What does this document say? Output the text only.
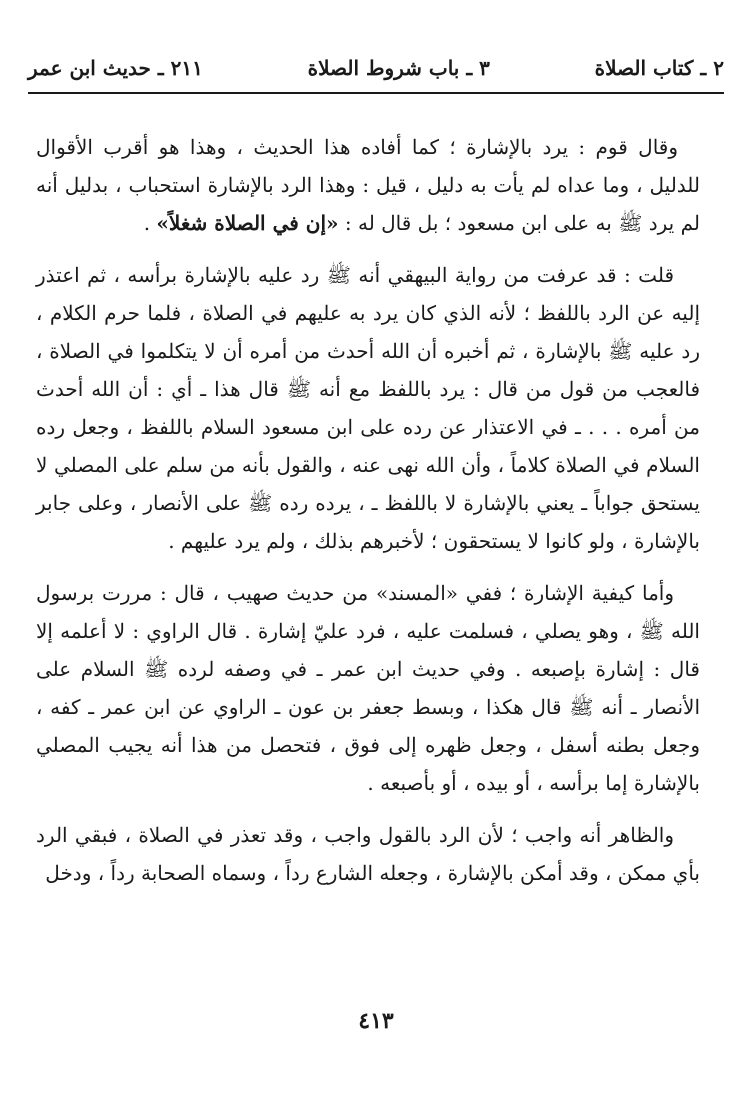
٢ ـ كتاب الصلاة
٣ ـ باب شروط الصلاة
٢١١ ـ حديث ابن عمر

وقال قوم : يرد بالإشارة ؛ كما أفاده هذا الحديث ، وهذا هو أقرب الأقوال للدليل ، وما عداه لم يأت به دليل ، قيل : وهذا الرد بالإشارة استحباب ، بدليل أنه لم يرد ﷺ به على ابن مسعود ؛ بل قال له : «إن في الصلاة شغلاً» .

قلت : قد عرفت من رواية البيهقي أنه ﷺ رد عليه بالإشارة برأسه ، ثم اعتذر إليه عن الرد باللفظ ؛ لأنه الذي كان يرد به عليهم في الصلاة ، فلما حرم الكلام ، رد عليه ﷺ بالإشارة ، ثم أخبره أن الله أحدث من أمره أن لا يتكلموا في الصلاة ، فالعجب من قول من قال : يرد باللفظ مع أنه ﷺ قال هذا ـ أي : أن الله أحدث من أمره . . . ـ في الاعتذار عن رده على ابن مسعود السلام باللفظ ، وجعل رده السلام في الصلاة كلاماً ، وأن الله نهى عنه ، والقول بأنه من سلم على المصلي لا يستحق جواباً ـ يعني بالإشارة لا باللفظ ـ ، يرده رده ﷺ على الأنصار ، وعلى جابر بالإشارة ، ولو كانوا لا يستحقون ؛ لأخبرهم بذلك ، ولم يرد عليهم .

وأما كيفية الإشارة ؛ ففي «المسند» من حديث صهيب ، قال : مررت برسول الله ﷺ ، وهو يصلي ، فسلمت عليه ، فرد عليّ إشارة . قال الراوي : لا أعلمه إلا قال : إشارة بإصبعه . وفي حديث ابن عمر ـ في وصفه لرده ﷺ السلام على الأنصار ـ أنه ﷺ قال هكذا ، وبسط جعفر بن عون ـ الراوي عن ابن عمر ـ كفه ، وجعل بطنه أسفل ، وجعل ظهره إلى فوق ، فتحصل من هذا أنه يجيب المصلي بالإشارة إما برأسه ، أو بيده ، أو بأصبعه .

والظاهر أنه واجب ؛ لأن الرد بالقول واجب ، وقد تعذر في الصلاة ، فبقي الرد بأي ممكن ، وقد أمكن بالإشارة ، وجعله الشارع رداً ، وسماه الصحابة رداً ، ودخل

٤١٣
